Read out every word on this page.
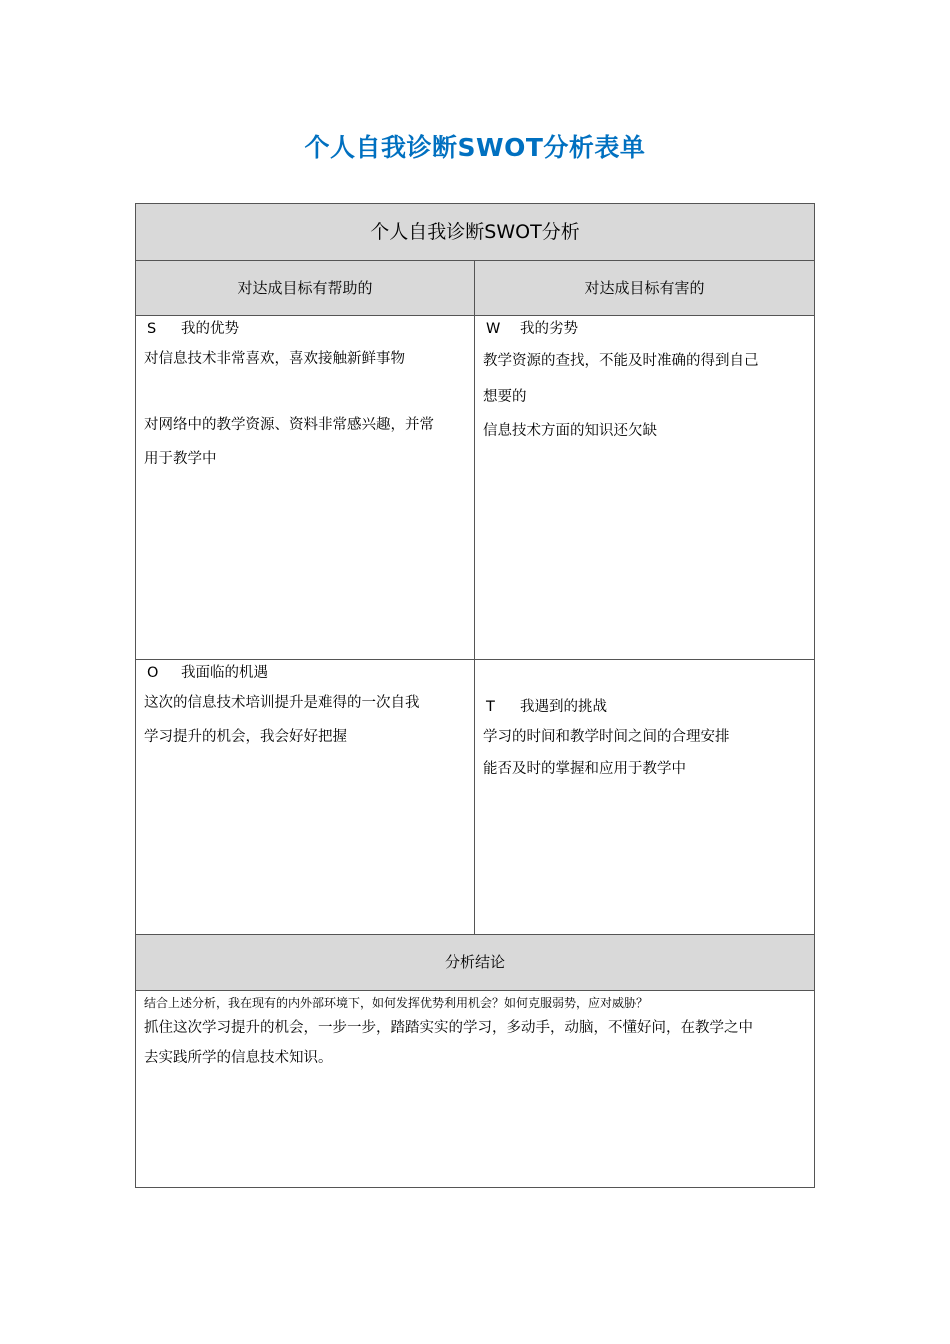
个人自我诊断SWOT分析表单
个人自我诊断SWOT分析
对达成目标有帮助的	对达成目标有害的
S	我的优势
对信息技术非常喜欢，喜欢接触新鲜事物
对网络中的教学资源、资料非常感兴趣，并常
用于教学中
W	我的劣势
教学资源的查找，不能及时准确的得到自己
想要的
信息技术方面的知识还欠缺
O	我面临的机遇
这次的信息技术培训提升是难得的一次自我
学习提升的机会，我会好好把握
T	我遇到的挑战
学习的时间和教学时间之间的合理安排
能否及时的掌握和应用于教学中
分析结论
结合上述分析，我在现有的内外部环境下，如何发挥优势利用机会？如何克服弱势，应对威胁？
抓住这次学习提升的机会，一步一步，踏踏实实的学习，多动手，动脑，不懂好问，在教学之中
去实践所学的信息技术知识。
